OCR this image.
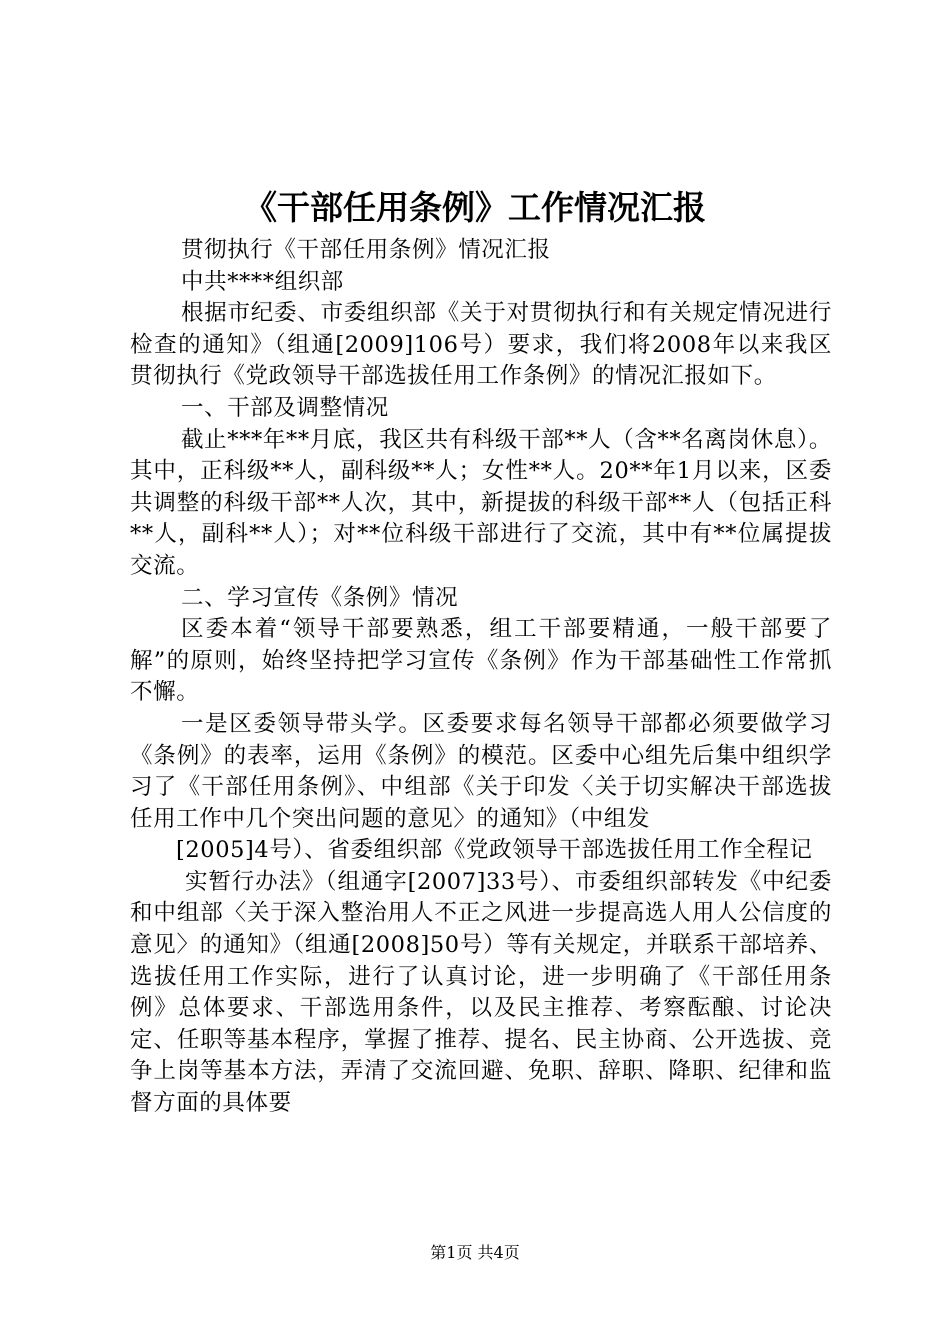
《干部任用条例》工作情况汇报

贯彻执行《干部任用条例》情况汇报

中共****组织部

根据市纪委、市委组织部《关于对贯彻执行和有关规定情况进行检查的通知》（组通[2009]106号）要求，我们将2008年以来我区贯彻执行《党政领导干部选拔任用工作条例》的情况汇报如下。

一、干部及调整情况

截止***年**月底，我区共有科级干部**人（含**名离岗休息）。其中，正科级**人，副科级**人；女性**人。20**年1月以来，区委共调整的科级干部**人次，其中，新提拔的科级干部**人（包括正科**人，副科**人）；对**位科级干部进行了交流，其中有**位属提拔交流。

二、学习宣传《条例》情况

区委本着“领导干部要熟悉，组工干部要精通，一般干部要了解”的原则，始终坚持把学习宣传《条例》作为干部基础性工作常抓不懈。

一是区委领导带头学。区委要求每名领导干部都必须要做学习《条例》的表率，运用《条例》的模范。区委中心组先后集中组织学习了《干部任用条例》、中组部《关于印发〈关于切实解决干部选拔任用工作中几个突出问题的意见〉的通知》（中组发

[2005]4号）、省委组织部《党政领导干部选拔任用工作全程记

实暂行办法》（组通字[2007]33号）、市委组织部转发《中纪委和中组部〈关于深入整治用人不正之风进一步提高选人用人公信度的意见〉的通知》（组通[2008]50号）等有关规定，并联系干部培养、选拔任用工作实际，进行了认真讨论，进一步明确了《干部任用条例》总体要求、干部选用条件，以及民主推荐、考察酝酿、讨论决定、任职等基本程序，掌握了推荐、提名、民主协商、公开选拔、竞争上岗等基本方法，弄清了交流回避、免职、辞职、降职、纪律和监督方面的具体要

第1页 共4页
